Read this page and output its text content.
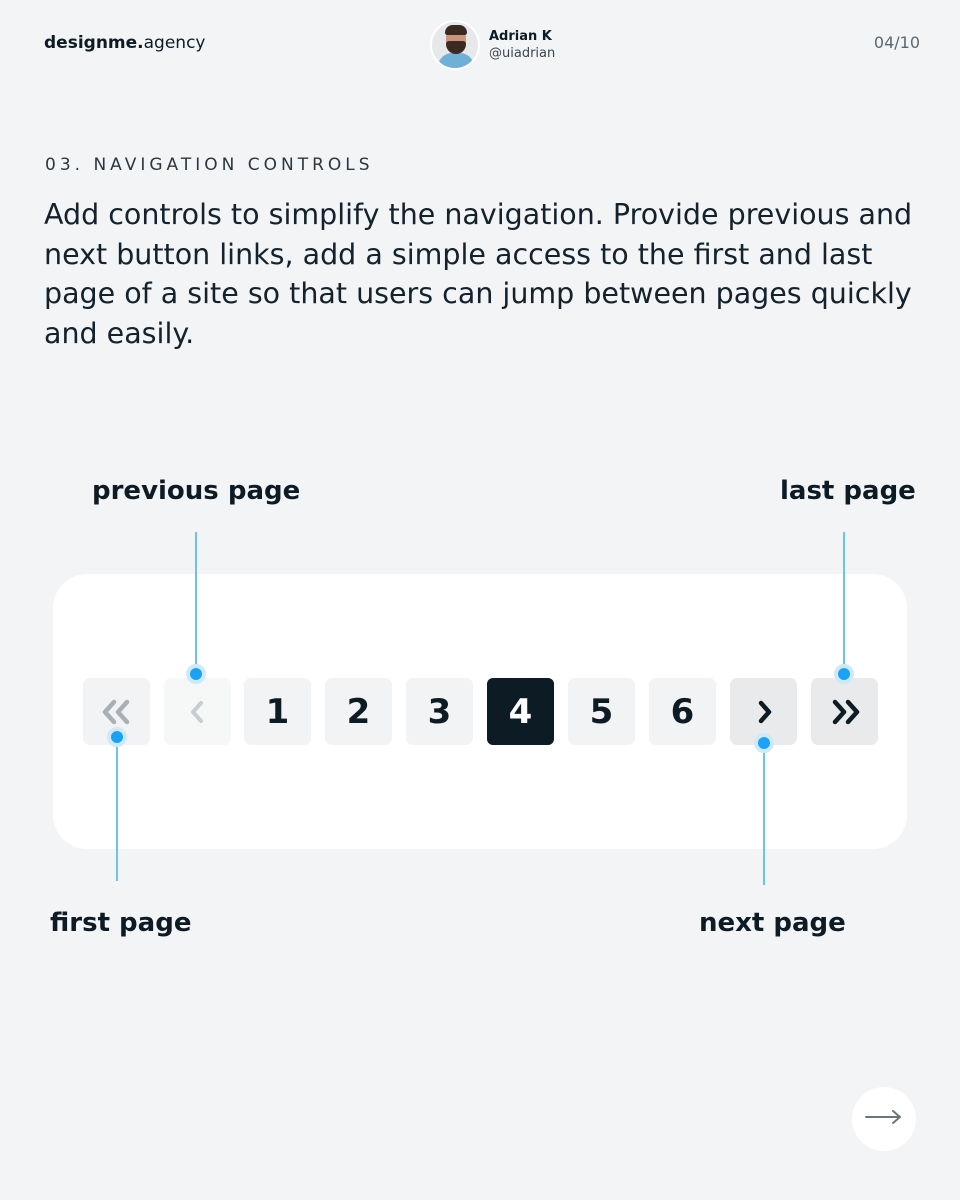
designme.agency	Adrian K
@uiadrian
04/10
03. NAVIGATION CONTROLS
Add controls to simplify the navigation. Provide previous and next button links, add a simple access to the first and last page of a site so that users can jump between pages quickly and easily.
previous page	last page
first page	next page
1	2	3	4	5	6
